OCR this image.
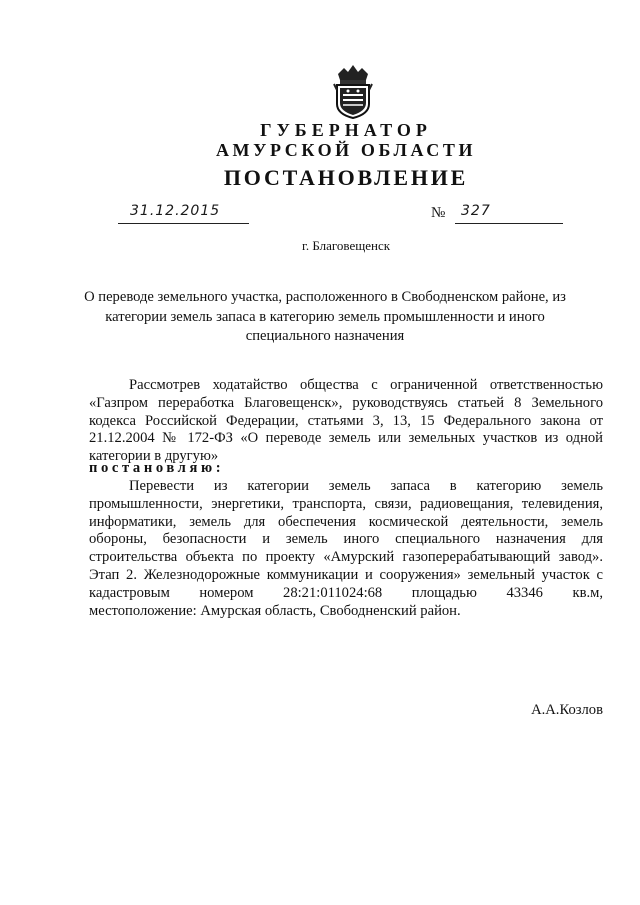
ГУБЕРНАТОР
АМУРСКОЙ ОБЛАСТИ
ПОСТАНОВЛЕНИЕ
31.12.2015	№ 327
г. Благовещенск
О переводе земельного участка, расположенного в Свободненском районе, из
категории земель запаса в категорию земель промышленности и иного
специального назначения
Рассмотрев ходатайство общества с ограниченной ответственностью
«Газпром переработка Благовещенск», руководствуясь статьей 8 Земельного
кодекса Российской Федерации, статьями 3, 13, 15 Федерального закона от
21.12.2004 № 172-ФЗ «О переводе земель или земельных участков из одной
категории в другую»
постановляю:
Перевести из категории земель запаса в категорию земель
промышленности, энергетики, транспорта, связи, радиовещания, телевидения,
информатики, земель для обеспечения космической деятельности, земель
обороны, безопасности и земель иного специального назначения для
строительства объекта по проекту «Амурский газоперерабатывающий завод».
Этап 2. Железнодорожные коммуникации и сооружения» земельный участок с
кадастровым номером 28:21:011024:68 площадью 43346 кв.м,
местоположение: Амурская область, Свободненский район.
А.А.Козлов
